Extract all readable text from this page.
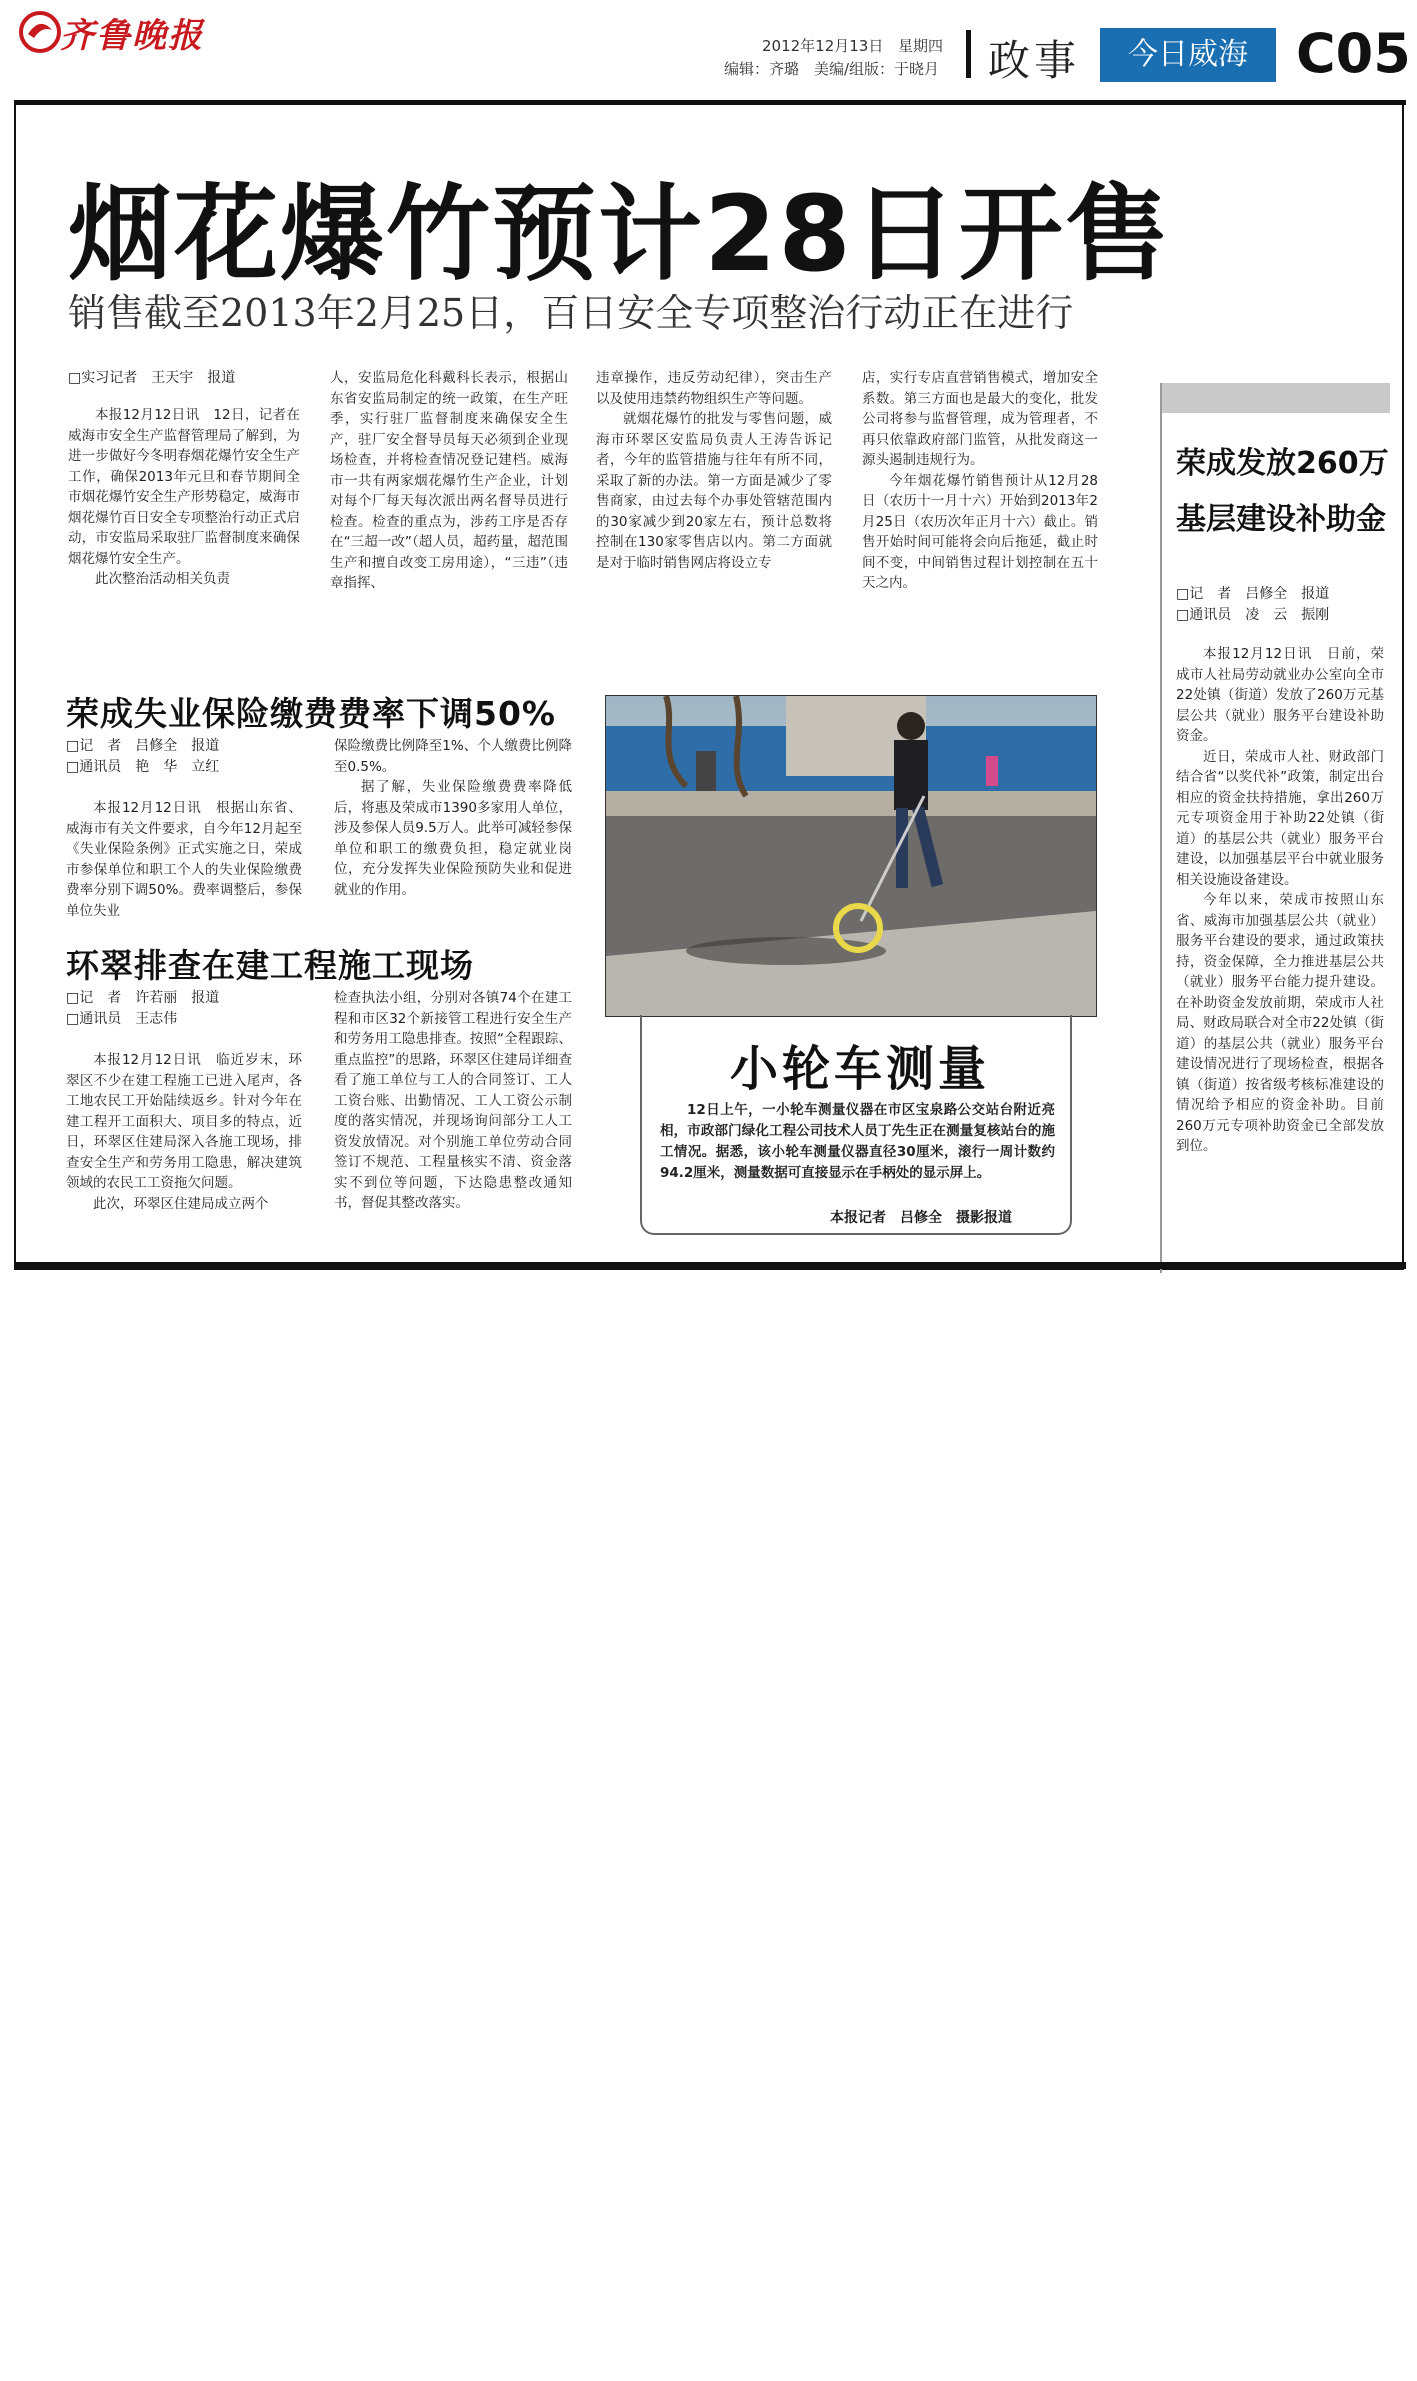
齐鲁晚报	2012年12月13日 星期四
编辑：齐璐　美编/组版：于晓月 政事	今日威海 C05
烟花爆竹预计28日开售
销售截至2013年2月25日，百日安全专项整治行动正在进行
□实习记者　王天宇　报道

本报12月12日讯　12日，记者在威海市安全生产监督管理局了解到，为进一步做好今冬明春烟花爆竹安全生产工作，确保2013年元旦和春节期间全市烟花爆竹安全生产形势稳定，威海市烟花爆竹百日安全专项整治行动正式启动，市安监局采取驻厂监督制度来确保烟花爆竹安全生产。

此次整治活动相关负责

人，安监局危化科戴科长表示，根据山东省安监局制定的统一政策，在生产旺季，实行驻厂监督制度来确保安全生产，驻厂安全督导员每天必须到企业现场检查，并将检查情况登记建档。威海市一共有两家烟花爆竹生产企业，计划对每个厂每天每次派出两名督导员进行检查。检查的重点为，涉药工序是否存在“三超一改”（超人员，超药量，超范围生产和擅自改变工房用途），“三违”（违章指挥、

违章操作，违反劳动纪律），突击生产以及使用违禁药物组织生产等问题。

就烟花爆竹的批发与零售问题，威海市环翠区安监局负责人王涛告诉记者，今年的监管措施与往年有所不同，采取了新的办法。第一方面是减少了零售商家，由过去每个办事处管辖范围内的30家减少到20家左右，预计总数将控制在130家零售店以内。第二方面就是对于临时销售网店将设立专

店，实行专店直营销售模式，增加安全系数。第三方面也是最大的变化，批发公司将参与监督管理，成为管理者，不再只依靠政府部门监管，从批发商这一源头遏制违规行为。

今年烟花爆竹销售预计从12月28日（农历十一月十六）开始到2013年2月25日（农历次年正月十六）截止。销售开始时间可能将会向后拖延，截止时间不变，中间销售过程计划控制在五十天之内。

荣成失业保险缴费费率下调50%
□记　者　吕修全　报道
□通讯员　艳　华　立红

本报12月12日讯　根据山东省、威海市有关文件要求，自今年12月起至《失业保险条例》正式实施之日，荣成市参保单位和职工个人的失业保险缴费费率分别下调50%。费率调整后，参保单位失业

保险缴费比例降至1%、个人缴费比例降至0.5%。

据了解，失业保险缴费费率降低后，将惠及荣成市1390多家用人单位，涉及参保人员9.5万人。此举可减轻参保单位和职工的缴费负担，稳定就业岗位，充分发挥失业保险预防失业和促进就业的作用。

环翠排查在建工程施工现场
□记　者　许若丽　报道
□通讯员　王志伟

本报12月12日讯　临近岁末，环翠区不少在建工程施工已进入尾声，各工地农民工开始陆续返乡。针对今年在建工程开工面积大、项目多的特点，近日，环翠区住建局深入各施工现场，排查安全生产和劳务用工隐患，解决建筑领域的农民工工资拖欠问题。

此次，环翠区住建局成立两个

检查执法小组，分别对各镇74个在建工程和市区32个新接管工程进行安全生产和劳务用工隐患排查。按照“全程跟踪、重点监控”的思路，环翠区住建局详细查看了施工单位与工人的合同签订、工人工资台账、出勤情况、工人工资公示制度的落实情况，并现场询问部分工人工资发放情况。对个别施工单位劳动合同签订不规范、工程量核实不清、资金落实不到位等问题，下达隐患整改通知书，督促其整改落实。

小轮车测量

12日上午，一小轮车测量仪器在市区宝泉路公交站台附近亮相，市政部门绿化工程公司技术人员丁先生正在测量复核站台的施工情况。据悉，该小轮车测量仪器直径30厘米，滚行一周计数约94.2厘米，测量数据可直接显示在手柄处的显示屏上。

本报记者　吕修全　摄影报道
荣成发放260万
基层建设补助金
□记　者　吕修全　报道
□通讯员　凌　云　振刚

本报12月12日讯　日前，荣成市人社局劳动就业办公室向全市22处镇（街道）发放了260万元基层公共（就业）服务平台建设补助资金。

近日，荣成市人社、财政部门结合省“以奖代补”政策，制定出台相应的资金扶持措施，拿出260万元专项资金用于补助22处镇（街道）的基层公共（就业）服务平台建设，以加强基层平台中就业服务相关设施设备建设。

今年以来，荣成市按照山东省、威海市加强基层公共（就业）服务平台建设的要求，通过政策扶持，资金保障，全力推进基层公共（就业）服务平台能力提升建设。在补助资金发放前期，荣成市人社局、财政局联合对全市22处镇（街道）的基层公共（就业）服务平台建设情况进行了现场检查，根据各镇（街道）按省级考核标准建设的情况给予相应的资金补助。目前260万元专项补助资金已全部发放到位。
